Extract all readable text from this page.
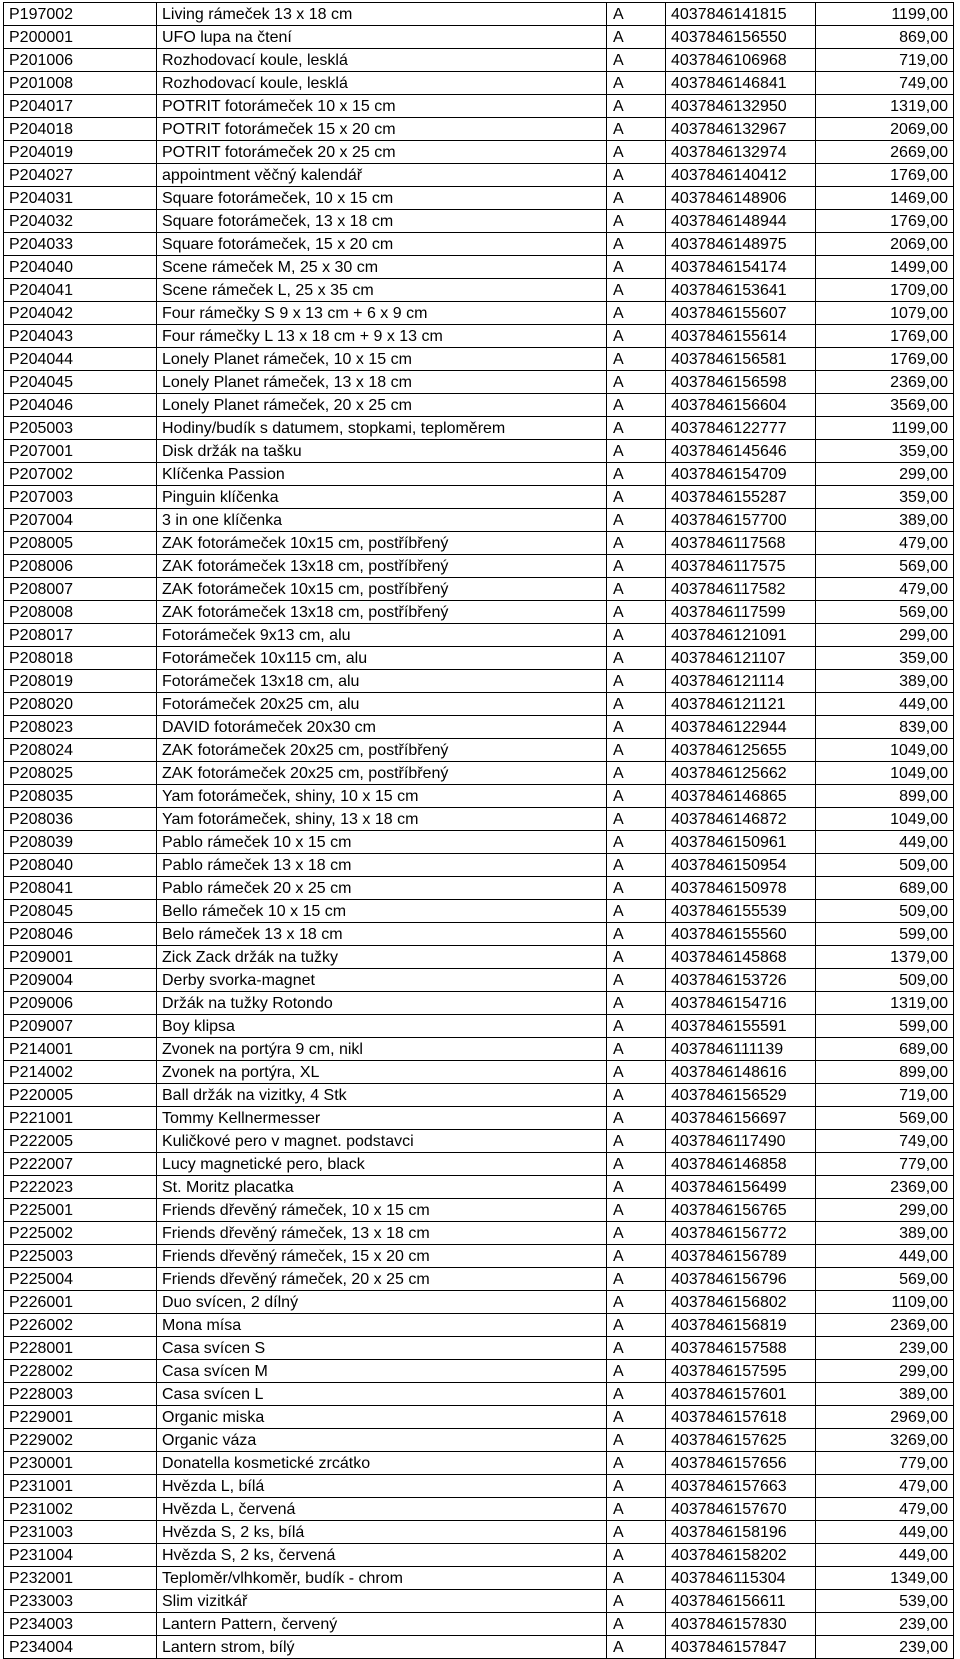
P197002	Living rámeček 13 x 18 cm	A	4037846141815	1199,00
P200001	UFO lupa na čtení	A	4037846156550	869,00
P201006	Rozhodovací koule, lesklá	A	4037846106968	719,00
P201008	Rozhodovací koule, lesklá	A	4037846146841	749,00
P204017	POTRIT fotorámeček 10 x 15 cm	A	4037846132950	1319,00
P204018	POTRIT fotorámeček 15 x 20 cm	A	4037846132967	2069,00
P204019	POTRIT fotorámeček 20 x 25 cm	A	4037846132974	2669,00
P204027	appointment věčný kalendář	A	4037846140412	1769,00
P204031	Square fotorámeček, 10 x 15 cm	A	4037846148906	1469,00
P204032	Square fotorámeček, 13 x 18 cm	A	4037846148944	1769,00
P204033	Square fotorámeček, 15 x 20 cm	A	4037846148975	2069,00
P204040	Scene rámeček M, 25 x 30 cm	A	4037846154174	1499,00
P204041	Scene rámeček L, 25 x 35 cm	A	4037846153641	1709,00
P204042	Four rámečky S 9 x 13 cm + 6 x 9 cm	A	4037846155607	1079,00
P204043	Four rámečky L 13 x 18 cm + 9 x 13 cm	A	4037846155614	1769,00
P204044	Lonely Planet rámeček, 10 x 15 cm	A	4037846156581	1769,00
P204045	Lonely Planet rámeček, 13 x 18 cm	A	4037846156598	2369,00
P204046	Lonely Planet rámeček, 20 x 25 cm	A	4037846156604	3569,00
P205003	Hodiny/budík s datumem, stopkami, teploměrem	A	4037846122777	1199,00
P207001	Disk držák na tašku	A	4037846145646	359,00
P207002	Klíčenka Passion	A	4037846154709	299,00
P207003	Pinguin klíčenka	A	4037846155287	359,00
P207004	3 in one klíčenka	A	4037846157700	389,00
P208005	ZAK fotorámeček 10x15 cm, postříbřený	A	4037846117568	479,00
P208006	ZAK fotorámeček 13x18 cm, postříbřený	A	4037846117575	569,00
P208007	ZAK fotorámeček 10x15 cm, postříbřený	A	4037846117582	479,00
P208008	ZAK fotorámeček 13x18 cm, postříbřený	A	4037846117599	569,00
P208017	Fotorámeček 9x13 cm, alu	A	4037846121091	299,00
P208018	Fotorámeček 10x115 cm, alu	A	4037846121107	359,00
P208019	Fotorámeček 13x18 cm, alu	A	4037846121114	389,00
P208020	Fotorámeček 20x25 cm, alu	A	4037846121121	449,00
P208023	DAVID fotorámeček 20x30 cm	A	4037846122944	839,00
P208024	ZAK fotorámeček 20x25 cm, postříbřený	A	4037846125655	1049,00
P208025	ZAK fotorámeček 20x25 cm, postříbřený	A	4037846125662	1049,00
P208035	Yam fotorámeček, shiny, 10 x 15 cm	A	4037846146865	899,00
P208036	Yam fotorámeček, shiny, 13 x 18 cm	A	4037846146872	1049,00
P208039	Pablo rámeček 10 x 15 cm	A	4037846150961	449,00
P208040	Pablo rámeček 13 x 18 cm	A	4037846150954	509,00
P208041	Pablo rámeček 20 x 25 cm	A	4037846150978	689,00
P208045	Bello rámeček 10 x 15 cm	A	4037846155539	509,00
P208046	Belo rámeček 13 x 18 cm	A	4037846155560	599,00
P209001	Zick Zack držák na tužky	A	4037846145868	1379,00
P209004	Derby svorka-magnet	A	4037846153726	509,00
P209006	Držák na tužky Rotondo	A	4037846154716	1319,00
P209007	Boy klipsa	A	4037846155591	599,00
P214001	Zvonek na portýra 9 cm, nikl	A	4037846111139	689,00
P214002	Zvonek na portýra, XL	A	4037846148616	899,00
P220005	Ball držák na vizitky, 4 Stk	A	4037846156529	719,00
P221001	Tommy Kellnermesser	A	4037846156697	569,00
P222005	Kuličkové pero v magnet. podstavci	A	4037846117490	749,00
P222007	Lucy magnetické pero, black	A	4037846146858	779,00
P222023	St. Moritz placatka	A	4037846156499	2369,00
P225001	Friends dřevěný rámeček, 10 x 15 cm	A	4037846156765	299,00
P225002	Friends dřevěný rámeček, 13 x 18 cm	A	4037846156772	389,00
P225003	Friends dřevěný rámeček, 15 x 20 cm	A	4037846156789	449,00
P225004	Friends dřevěný rámeček, 20 x 25 cm	A	4037846156796	569,00
P226001	Duo svícen, 2 dílný	A	4037846156802	1109,00
P226002	Mona mísa	A	4037846156819	2369,00
P228001	Casa svícen S	A	4037846157588	239,00
P228002	Casa svícen M	A	4037846157595	299,00
P228003	Casa svícen L	A	4037846157601	389,00
P229001	Organic miska	A	4037846157618	2969,00
P229002	Organic váza	A	4037846157625	3269,00
P230001	Donatella kosmetické zrcátko	A	4037846157656	779,00
P231001	Hvězda L, bílá	A	4037846157663	479,00
P231002	Hvězda L, červená	A	4037846157670	479,00
P231003	Hvězda S, 2 ks, bílá	A	4037846158196	449,00
P231004	Hvězda S, 2 ks, červená	A	4037846158202	449,00
P232001	Teploměr/vlhkoměr, budík - chrom	A	4037846115304	1349,00
P233003	Slim vizitkář	A	4037846156611	539,00
P234003	Lantern Pattern, červený	A	4037846157830	239,00
P234004	Lantern strom, bílý	A	4037846157847	239,00
